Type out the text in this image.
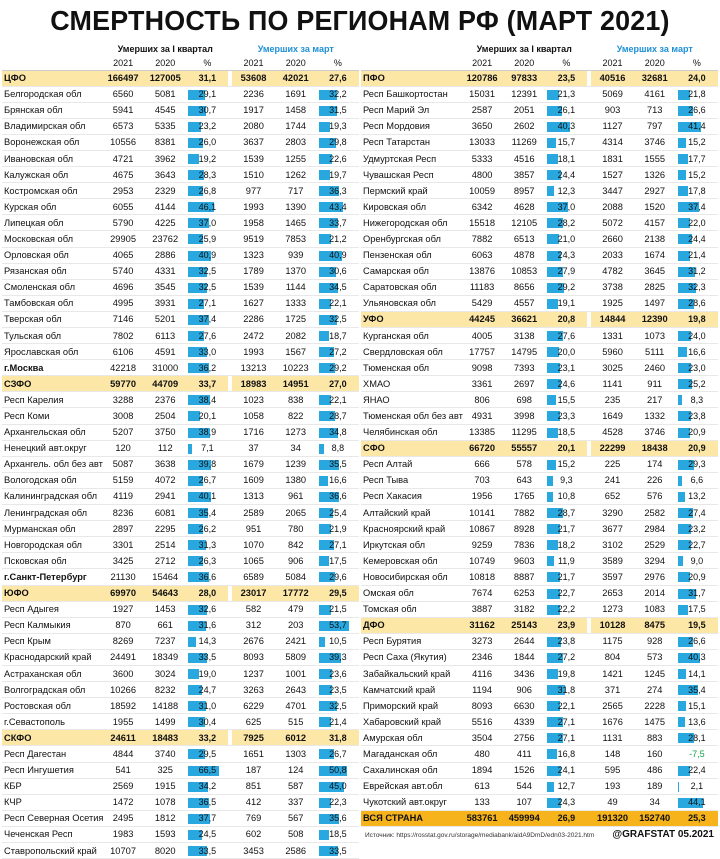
СМЕРТНОСТЬ ПО РЕГИОНАМ РФ (МАРТ 2021)
	Умерших за I квартал				Умерших за март		
	2021	2020	%		2021	2020	%
ЦФО	166497	127005	31,1		53608	42021	27,6
Белгородская обл	6560	5081	29,1		2236	1691	32,2
Брянская обл	5941	4545	30,7		1917	1458	31,5
Владимирская обл	6573	5335	23,2		2080	1744	19,3
Воронежская обл	10556	8381	26,0		3637	2803	29,8
Ивановская обл	4721	3962	19,2		1539	1255	22,6
Калужская обл	4675	3643	28,3		1510	1262	19,7
Костромская обл	2953	2329	26,8		977	717	36,3
Курская обл	6055	4144	46,1		1993	1390	43,4
Липецкая обл	5790	4225	37,0		1958	1465	33,7
Московская обл	29905	23762	25,9		9519	7853	21,2
Орловская обл	4065	2886	40,9		1323	939	40,9
Рязанская обл	5740	4331	32,5		1789	1370	30,6
Смоленская обл	4696	3545	32,5		1539	1144	34,5
Тамбовская обл	4995	3931	27,1		1627	1333	22,1
Тверская обл	7146	5201	37,4		2286	1725	32,5
Тульская обл	7802	6113	27,6		2472	2082	18,7
Ярославская обл	6106	4591	33,0		1993	1567	27,2
г.Москва	42218	31000	36,2		13213	10223	29,2
СЗФО	59770	44709	33,7		18983	14951	27,0
Респ Карелия	3288	2376	38,4		1023	838	22,1
Респ Коми	3008	2504	20,1		1058	822	28,7
Архангельская обл	5207	3750	38,9		1716	1273	34,8
Ненецкий авт.округ	120	112	7,1		37	34	8,8
Архангель. обл без авт	5087	3638	39,8		1679	1239	35,5
Вологодская обл	5159	4072	26,7		1609	1380	16,6
Калининградская обл	4119	2941	40,1		1313	961	36,6
Ленинградская обл	8236	6081	35,4		2589	2065	25,4
Мурманская обл	2897	2295	26,2		951	780	21,9
Новгородская обл	3301	2514	31,3		1070	842	27,1
Псковская обл	3425	2712	26,3		1065	906	17,5
г.Санкт-Петербург	21130	15464	36,6		6589	5084	29,6
ЮФО	69970	54643	28,0		23017	17772	29,5
Респ Адыгея	1927	1453	32,6		582	479	21,5
Респ Калмыкия	870	661	31,6		312	203	53,7
Респ Крым	8269	7237	14,3		2676	2421	10,5
Краснодарский край	24491	18349	33,5		8093	5809	39,3
Астраханская обл	3600	3024	19,0		1237	1001	23,6
Волгоградская обл	10266	8232	24,7		3263	2643	23,5
Ростовская обл	18592	14188	31,0		6229	4701	32,5
г.Севастополь	1955	1499	30,4		625	515	21,4
СКФО	24611	18483	33,2		7925	6012	31,8
Респ Дагестан	4844	3740	29,5		1651	1303	26,7
Респ Ингушетия	541	325	66,5		187	124	50,8
КБР	2569	1915	34,2		851	587	45,0
КЧР	1472	1078	36,5		412	337	22,3
Респ Северная Осетия	2495	1812	37,7		769	567	35,6
Чеченская Респ	1983	1593	24,5		602	508	18,5
Ставропольский край	10707	8020	33,5		3453	2586	33,5
	Умерших за I квартал				Умерших за март		
	2021	2020	%		2021	2020	%
ПФО	120786	97833	23,5		40516	32681	24,0
Респ Башкортостан	15031	12391	21,3		5069	4161	21,8
Респ Марий Эл	2587	2051	26,1		903	713	26,6
Респ Мордовия	3650	2602	40,3		1127	797	41,4
Респ Татарстан	13033	11269	15,7		4314	3746	15,2
Удмуртская Респ	5333	4516	18,1		1831	1555	17,7
Чувашская Респ	4800	3857	24,4		1527	1326	15,2
Пермский край	10059	8957	12,3		3447	2927	17,8
Кировская обл	6342	4628	37,0		2088	1520	37,4
Нижегородская обл	15518	12105	28,2		5072	4157	22,0
Оренбургская обл	7882	6513	21,0		2660	2138	24,4
Пензенская обл	6063	4878	24,3		2033	1674	21,4
Самарская обл	13876	10853	27,9		4782	3645	31,2
Саратовская обл	11183	8656	29,2		3738	2825	32,3
Ульяновская обл	5429	4557	19,1		1925	1497	28,6
УФО	44245	36621	20,8		14844	12390	19,8
Курганская обл	4005	3138	27,6		1331	1073	24,0
Свердловская обл	17757	14795	20,0		5960	5111	16,6
Тюменская обл	9098	7393	23,1		3025	2460	23,0
ХМАО	3361	2697	24,6		1141	911	25,2
ЯНАО	806	698	15,5		235	217	8,3
Тюменская обл без авт	4931	3998	23,3		1649	1332	23,8
Челябинская обл	13385	11295	18,5		4528	3746	20,9
СФО	66720	55557	20,1		22299	18438	20,9
Респ Алтай	666	578	15,2		225	174	29,3
Респ Тыва	703	643	9,3		241	226	6,6
Респ Хакасия	1956	1765	10,8		652	576	13,2
Алтайский край	10141	7882	28,7		3290	2582	27,4
Красноярский край	10867	8928	21,7		3677	2984	23,2
Иркутская обл	9259	7836	18,2		3102	2529	22,7
Кемеровская обл	10749	9603	11,9		3589	3294	9,0
Новосибирская обл	10818	8887	21,7		3597	2976	20,9
Омская обл	7674	6253	22,7		2653	2014	31,7
Томская обл	3887	3182	22,2		1273	1083	17,5
ДФО	31162	25143	23,9		10128	8475	19,5
Респ Бурятия	3273	2644	23,8		1175	928	26,6
Респ Саха (Якутия)	2346	1844	27,2		804	573	40,3
Забайкальский край	4116	3436	19,8		1421	1245	14,1
Камчатский край	1194	906	31,8		371	274	35,4
Приморский край	8093	6630	22,1		2565	2228	15,1
Хабаровский край	5516	4339	27,1		1676	1475	13,6
Амурская обл	3504	2756	27,1		1131	883	28,1
Магаданская обл	480	411	16,8		148	160	-7,5
Сахалинская обл	1894	1526	24,1		595	486	22,4
Еврейская авт.обл	613	544	12,7		193	189	2,1
Чукотский авт.округ	133	107	24,3		49	34	44,1
ВСЯ СТРАНА	583761	459994	26,9		191320	152740	25,3
Источник: https://rosstat.gov.ru/storage/mediabank/aidA9DmD/edn03-2021.htm @GRAFSTAT 05.2021
